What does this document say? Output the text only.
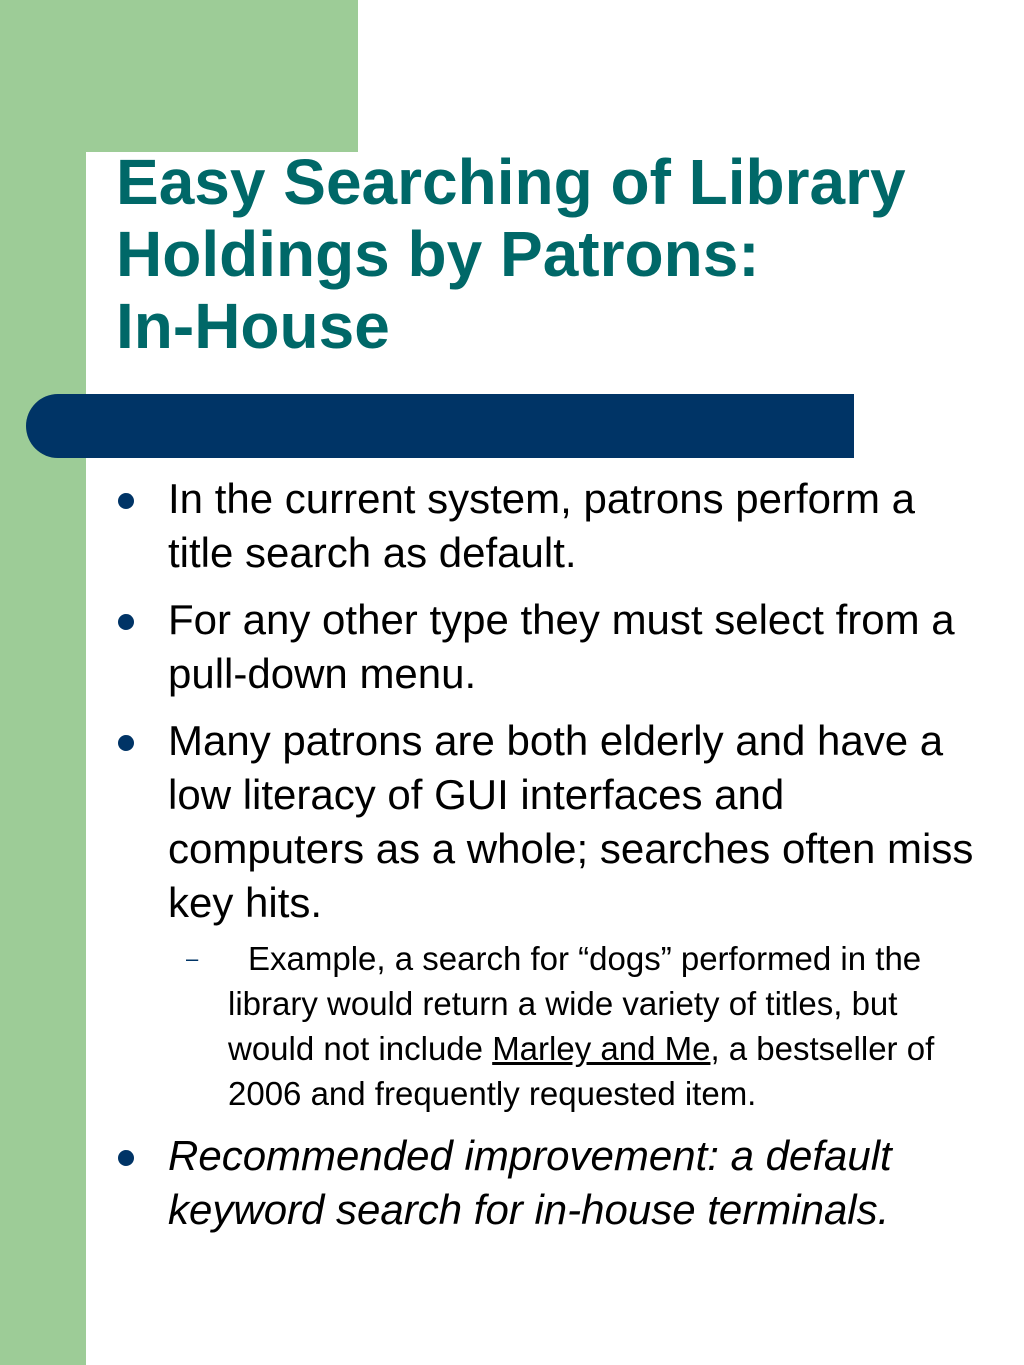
Easy Searching of Library
Holdings by Patrons:
In-House
In the current system, patrons perform a title search as default.
For any other type they must select from a pull-down menu.
Many patrons are both elderly and have a low literacy of GUI interfaces and computers as a whole; searches often miss key hits.
– Example, a search for “dogs” performed in the library would return a wide variety of titles, but would not include Marley and Me, a bestseller of 2006 and frequently requested item.
Recommended improvement: a default keyword search for in-house terminals.
